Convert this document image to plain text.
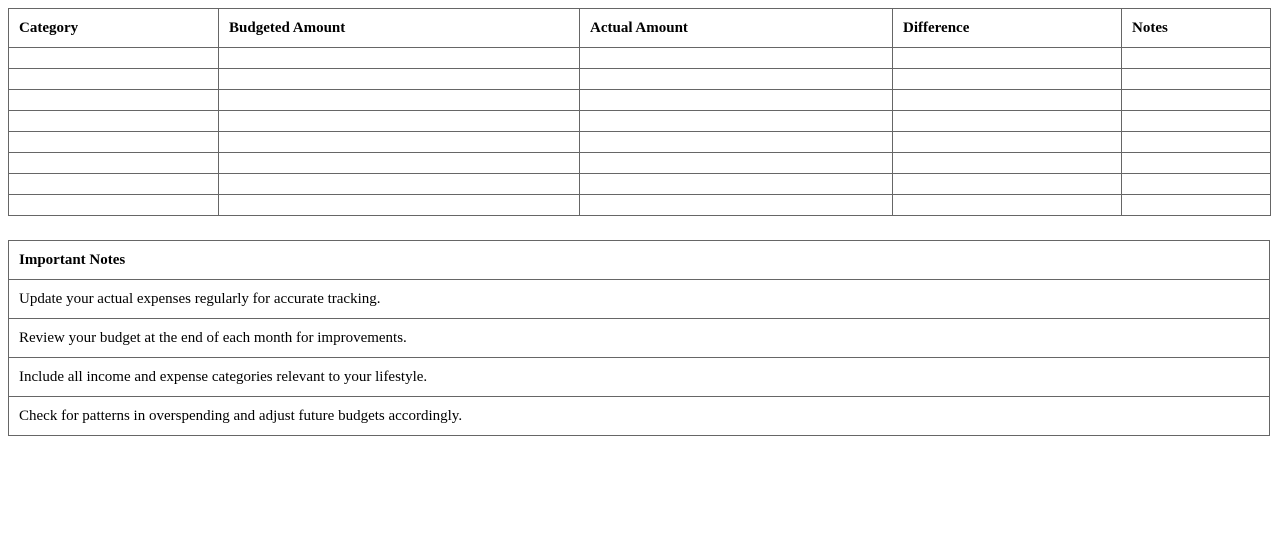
Category	Budgeted Amount	Actual Amount	Difference	Notes

Important Notes
Update your actual expenses regularly for accurate tracking.
Review your budget at the end of each month for improvements.
Include all income and expense categories relevant to your lifestyle.
Check for patterns in overspending and adjust future budgets accordingly.
